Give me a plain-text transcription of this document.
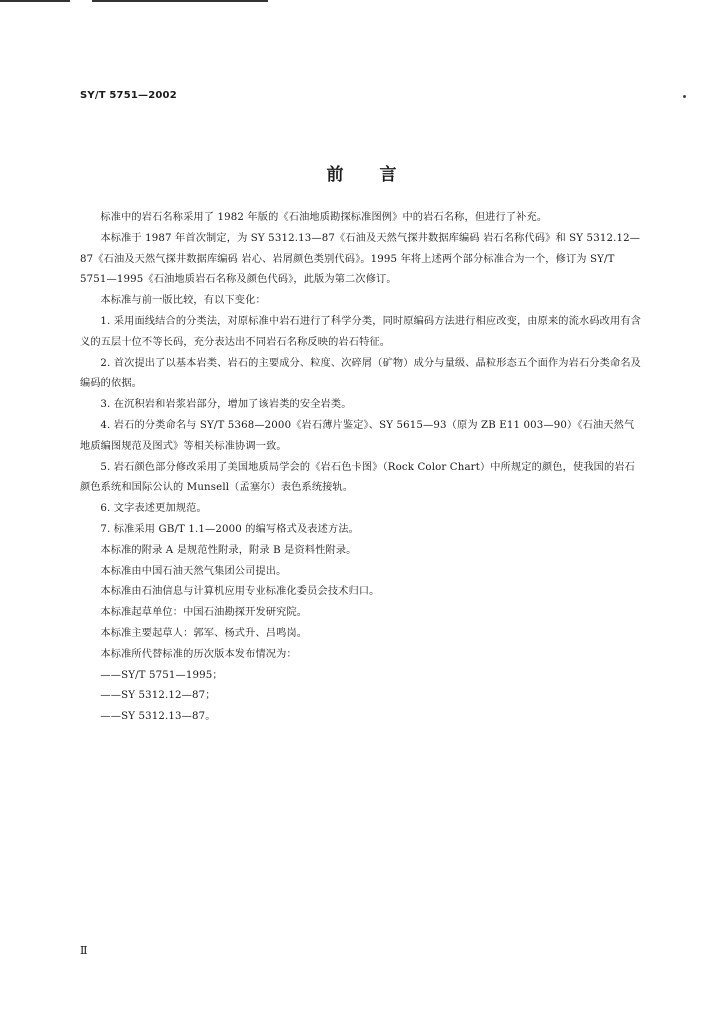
SY/T 5751—2002
前 言

标准中的岩石名称采用了 1982 年版的《石油地质勘探标准图例》中的岩石名称，但进行了补充。

本标准于 1987 年首次制定，为 SY 5312.13—87《石油及天然气探井数据库编码 岩石名称代码》和 SY 5312.12—87《石油及天然气探井数据库编码 岩心、岩屑颜色类别代码》。1995 年将上述两个部分标准合为一个，修订为 SY/T 5751—1995《石油地质岩石名称及颜色代码》，此版为第二次修订。

本标准与前一版比较，有以下变化：

1. 采用面线结合的分类法，对原标准中岩石进行了科学分类，同时原编码方法进行相应改变，由原来的流水码改用有含义的五层十位不等长码，充分表达出不同岩石名称反映的岩石特征。

2. 首次提出了以基本岩类、岩石的主要成分、粒度、次碎屑（矿物）成分与量级、晶粒形态五个面作为岩石分类命名及编码的依据。

3. 在沉积岩和岩浆岩部分，增加了该岩类的安全岩类。

4. 岩石的分类命名与 SY/T 5368—2000《岩石薄片鉴定》、SY 5615—93（原为 ZB E11 003—90）《石油天然气地质编图规范及图式》等相关标准协调一致。

5. 岩石颜色部分修改采用了美国地质局学会的《岩石色卡图》（Rock Color Chart）中所规定的颜色，使我国的岩石颜色系统和国际公认的 Munsell（孟塞尔）表色系统接轨。

6. 文字表述更加规范。

7. 标准采用 GB/T 1.1—2000 的编写格式及表述方法。

本标准的附录 A 是规范性附录，附录 B 是资料性附录。

本标准由中国石油天然气集团公司提出。

本标准由石油信息与计算机应用专业标准化委员会技术归口。

本标准起草单位：中国石油勘探开发研究院。

本标准主要起草人：郭军、杨式升、吕鸣岗。

本标准所代替标准的历次版本发布情况为：

——SY/T 5751—1995；

——SY 5312.12—87；

——SY 5312.13—87。

Ⅱ
